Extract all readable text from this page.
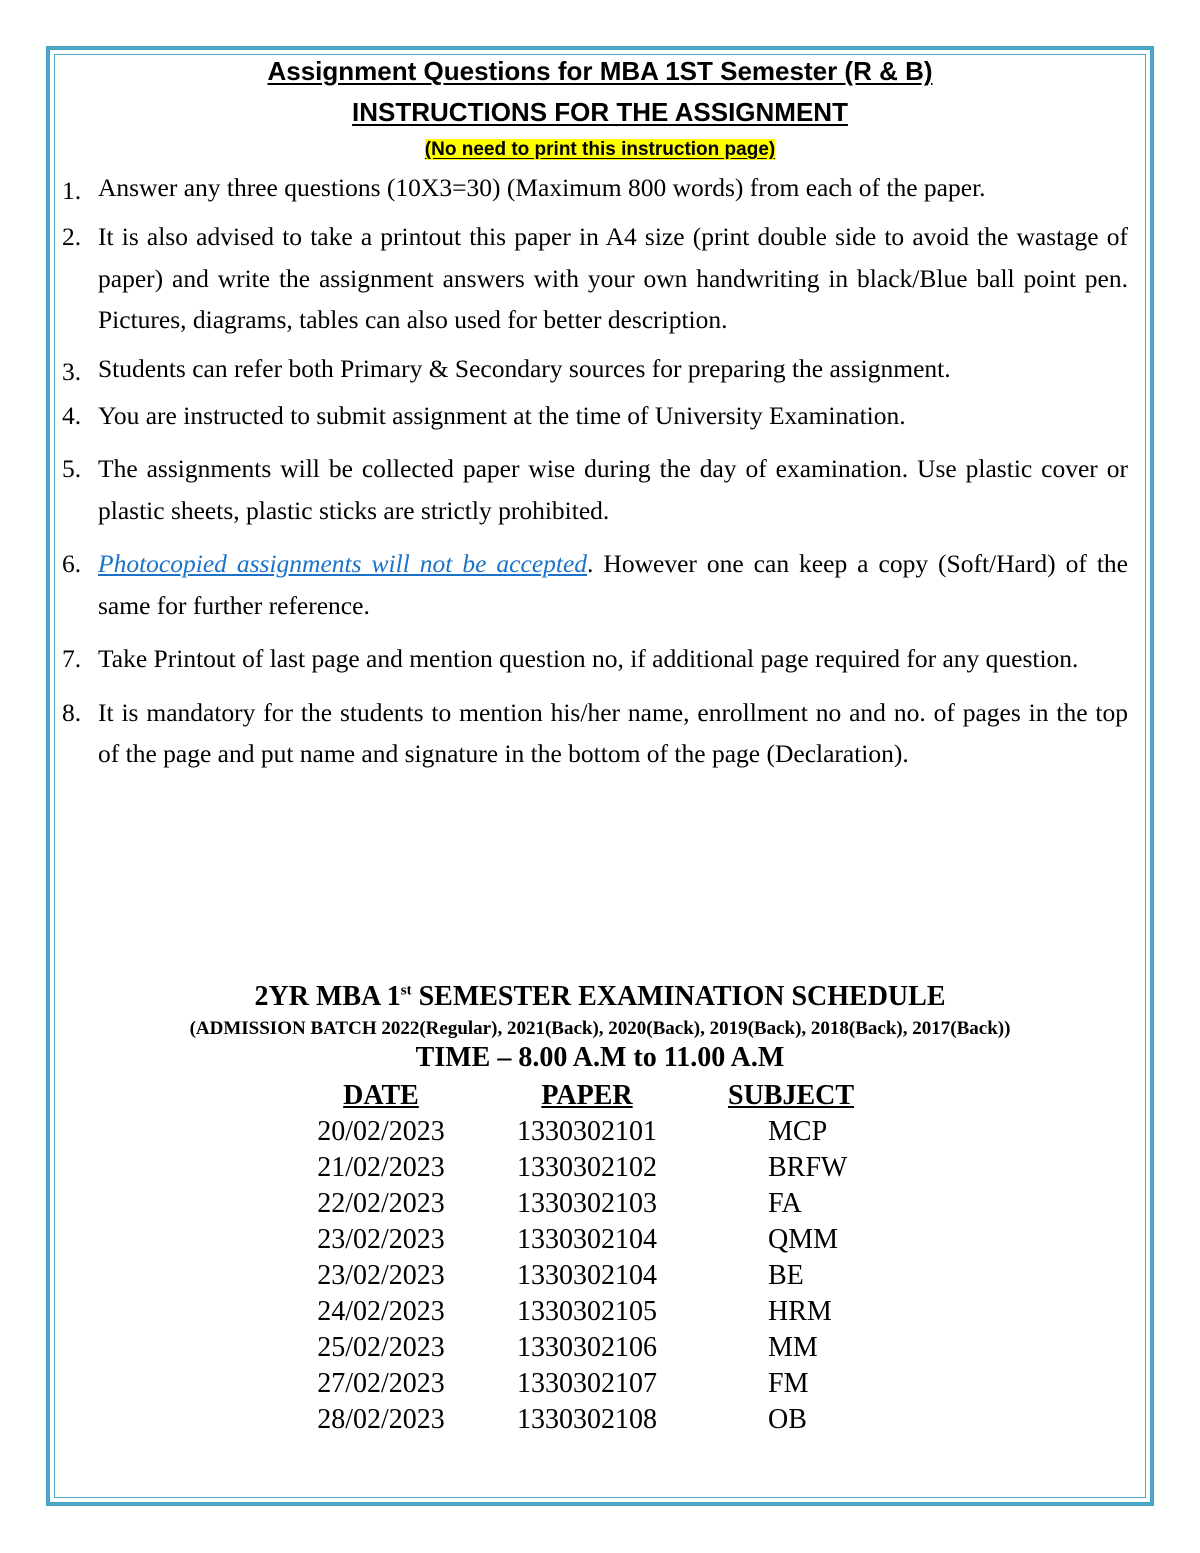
Assignment Questions for MBA 1ST Semester (R & B)
INSTRUCTIONS FOR THE ASSIGNMENT
(No need to print this instruction page)
1. Answer any three questions (10X3=30) (Maximum 800 words) from each of the paper.
2. It is also advised to take a printout this paper in A4 size (print double side to avoid the wastage of paper) and write the assignment answers with your own handwriting in black/Blue ball point pen. Pictures, diagrams, tables can also used for better description.
3. Students can refer both Primary & Secondary sources for preparing the assignment.
4. You are instructed to submit assignment at the time of University Examination.
5. The assignments will be collected paper wise during the day of examination. Use plastic cover or plastic sheets, plastic sticks are strictly prohibited.
6. Photocopied assignments will not be accepted. However one can keep a copy (Soft/Hard) of the same for further reference.
7. Take Printout of last page and mention question no, if additional page required for any question.
8. It is mandatory for the students to mention his/her name, enrollment no and no. of pages in the top of the page and put name and signature in the bottom of the page (Declaration).
2YR MBA 1st SEMESTER EXAMINATION SCHEDULE
(ADMISSION BATCH 2022(Regular), 2021(Back), 2020(Back), 2019(Back), 2018(Back), 2017(Back))
TIME – 8.00 A.M to 11.00 A.M
DATE	PAPER	SUBJECT
20/02/2023	1330302101	MCP
21/02/2023	1330302102	BRFW
22/02/2023	1330302103	FA
23/02/2023	1330302104	QMM
23/02/2023	1330302104	BE
24/02/2023	1330302105	HRM
25/02/2023	1330302106	MM
27/02/2023	1330302107	FM
28/02/2023	1330302108	OB
